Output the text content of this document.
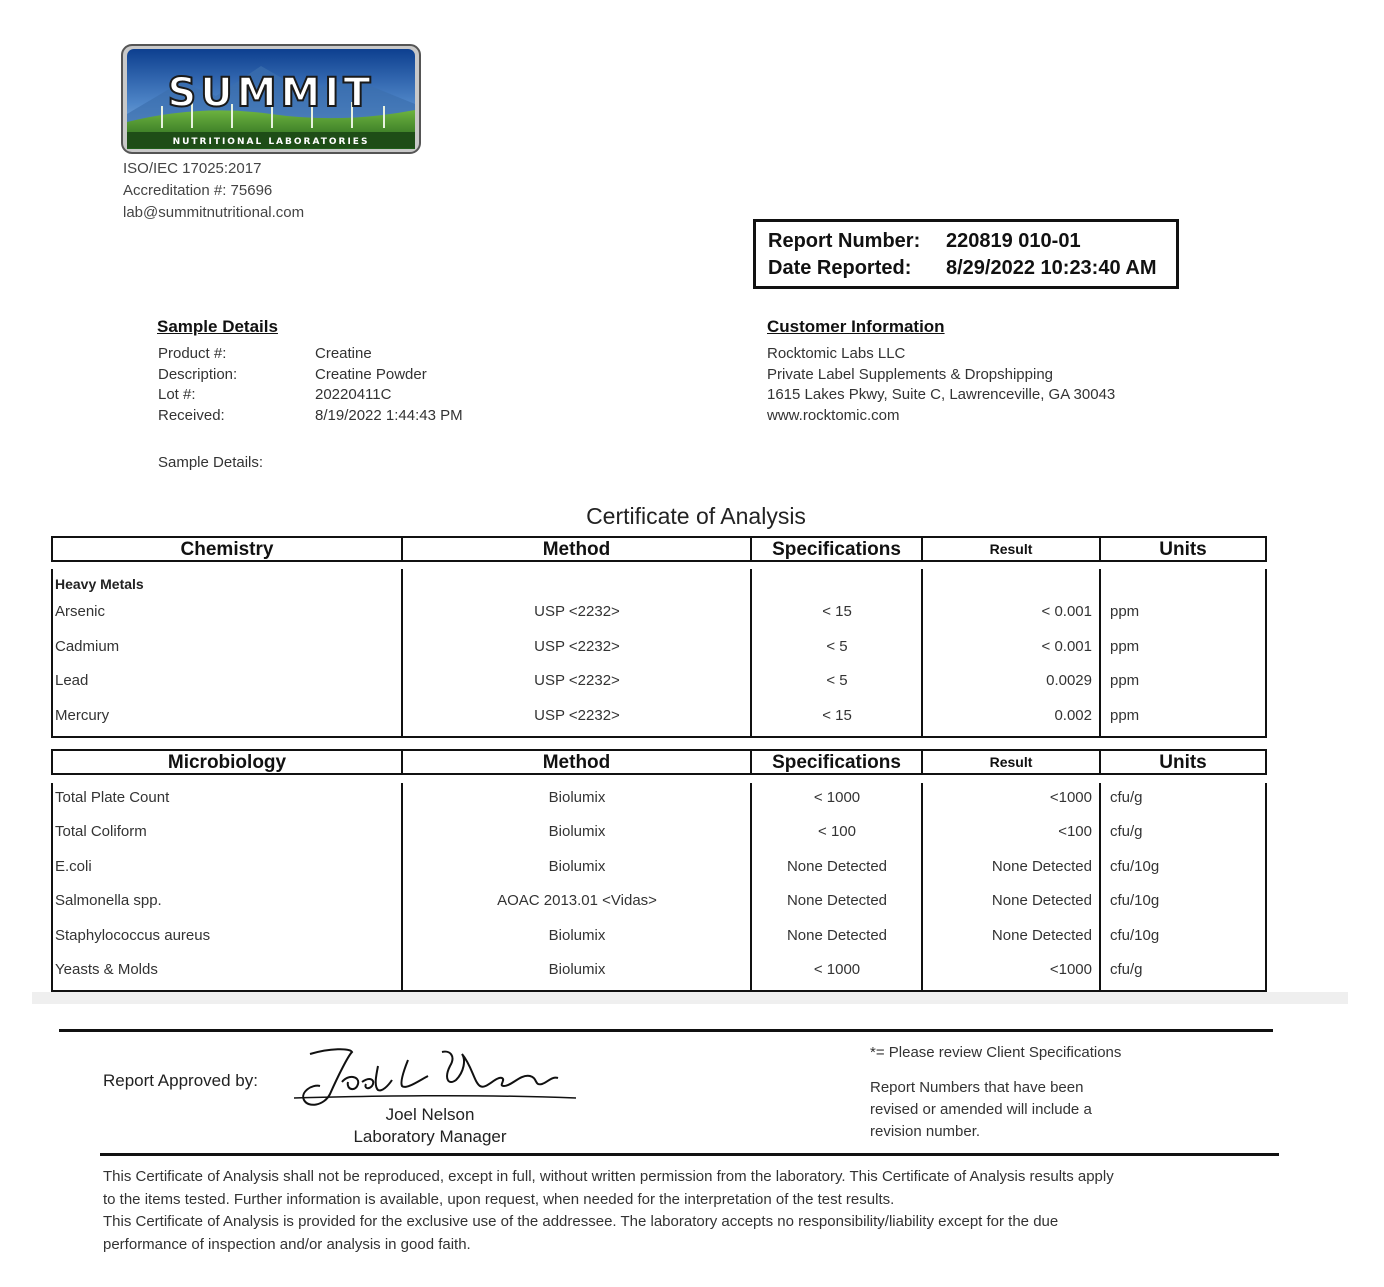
SUMMIT
NUTRITIONAL LABORATORIES
ISO/IEC 17025:2017
Accreditation #: 75696
lab@summitnutritional.com
Report Number: 220819 010-01
Date Reported: 8/29/2022 10:23:40 AM
Sample Details
Product #:	Creatine
Description:	Creatine Powder
Lot #:	20220411C
Received:	8/19/2022 1:44:43 PM
Sample Details:
Customer Information
Rocktomic Labs LLC
Private Label Supplements & Dropshipping
1615 Lakes Pkwy, Suite C, Lawrenceville, GA 30043
www.rocktomic.com
Certificate of Analysis
Chemistry	Method	Specifications	Result	Units
Heavy Metals
Arsenic	USP <2232>	< 15	< 0.001 ppm
Cadmium	USP <2232>	< 5	< 0.001 ppm
Lead	USP <2232>	< 5	0.0029 ppm
Mercury	USP <2232>	< 15	0.002 ppm
Microbiology	Method	Specifications	Result	Units
Total Plate Count	Biolumix	< 1000	<1000 cfu/g
Total Coliform	Biolumix	< 100	<100 cfu/g
E.coli	Biolumix	None Detected	None Detected cfu/10g
Salmonella spp.	AOAC 2013.01 <Vidas>	None Detected	None Detected cfu/10g
Staphylococcus aureus	Biolumix	None Detected	None Detected cfu/10g
Yeasts & Molds	Biolumix	< 1000	<1000 cfu/g
Report Approved by:
Joel Nelson
Laboratory Manager
*= Please review Client Specifications
Report Numbers that have been
revised or amended will include a
revision number.
This Certificate of Analysis shall not be reproduced, except in full, without written permission from the laboratory. This Certificate of Analysis results apply
to the items tested. Further information is available, upon request, when needed for the interpretation of the test results.
This Certificate of Analysis is provided for the exclusive use of the addressee. The laboratory accepts no responsibility/liability except for the due
performance of inspection and/or analysis in good faith.
